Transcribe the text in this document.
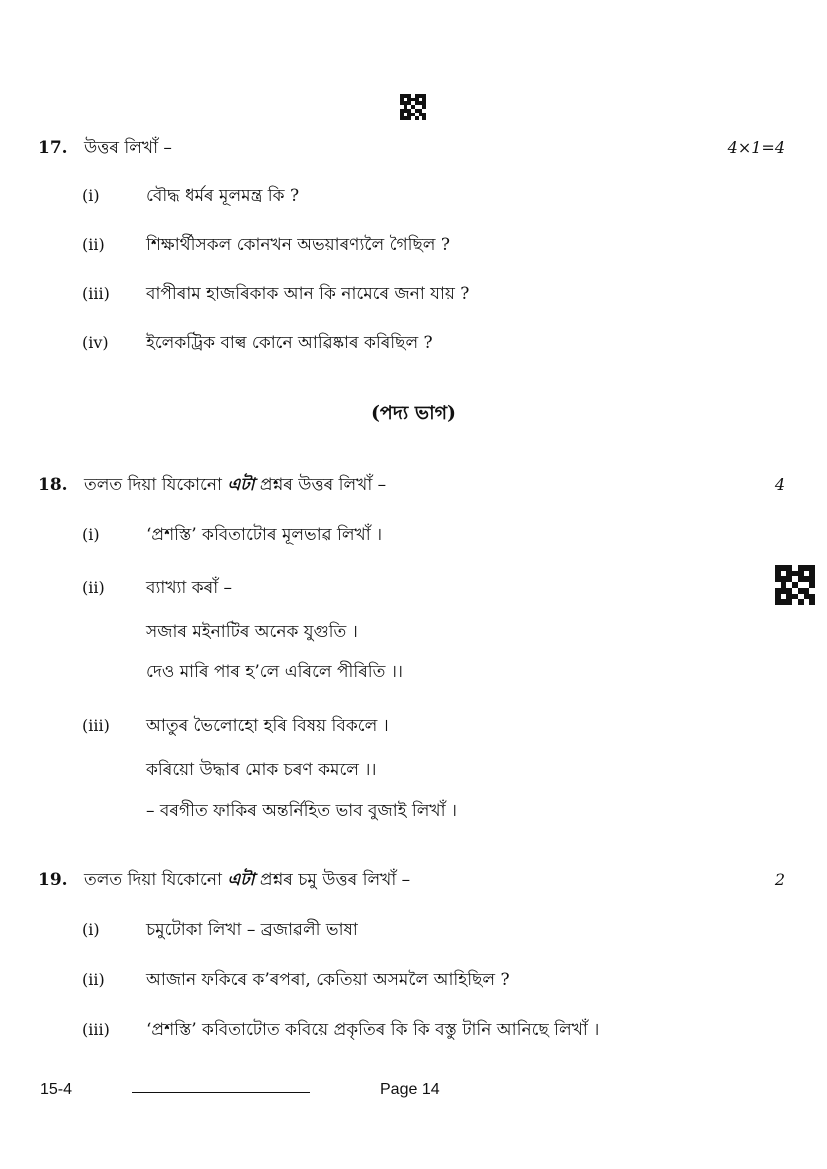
17. উত্তৰ লিখাঁ –	4×1=4
(i)	বৌদ্ধ ধৰ্মৰ মূলমন্ত্ৰ কি ?
(ii)	শিক্ষাৰ্থীসকল কোনখন অভয়াৰণ্যলৈ গৈছিল ?
(iii)	বাপীৰাম হাজৰিকাক আন কি নামেৰে জনা যায় ?
(iv)	ইলেকট্ৰিক বাল্ব কোনে আৱিষ্কাৰ কৰিছিল ?
(পদ্য ভাগ)
18. তলত দিয়া যিকোনো এটা প্ৰশ্নৰ উত্তৰ লিখাঁ –	4
(i)	‘প্ৰশস্তি’ কবিতাটোৰ মূলভাৱ লিখাঁ ।
(ii)	ব্যাখ্যা কৰাঁ –
সজাৰ মইনাটিৰ অনেক যুগুতি ।
দেও মাৰি পাৰ হ’লে এৰিলে পীৰিতি ।।
(iii)	আতুৰ ভৈলোহো হৰি বিষয় বিকলে ।
কৰিয়ো উদ্ধাৰ মোক চৰণ কমলে ।।
– বৰগীত ফাকিৰ অন্তৰ্নিহিত ভাব বুজাই লিখাঁ ।
19. তলত দিয়া যিকোনো এটা প্ৰশ্নৰ চমু উত্তৰ লিখাঁ –	2
(i)	চমুটোকা লিখা – ব্ৰজাৱলী ভাষা
(ii)	আজান ফকিৰে ক’ৰপৰা, কেতিয়া অসমলৈ আহিছিল ?
(iii)	‘প্ৰশস্তি’ কবিতাটোত কবিয়ে প্ৰকৃতিৰ কি কি বস্তু টানি আনিছে লিখাঁ ।
15-4	Page 14
